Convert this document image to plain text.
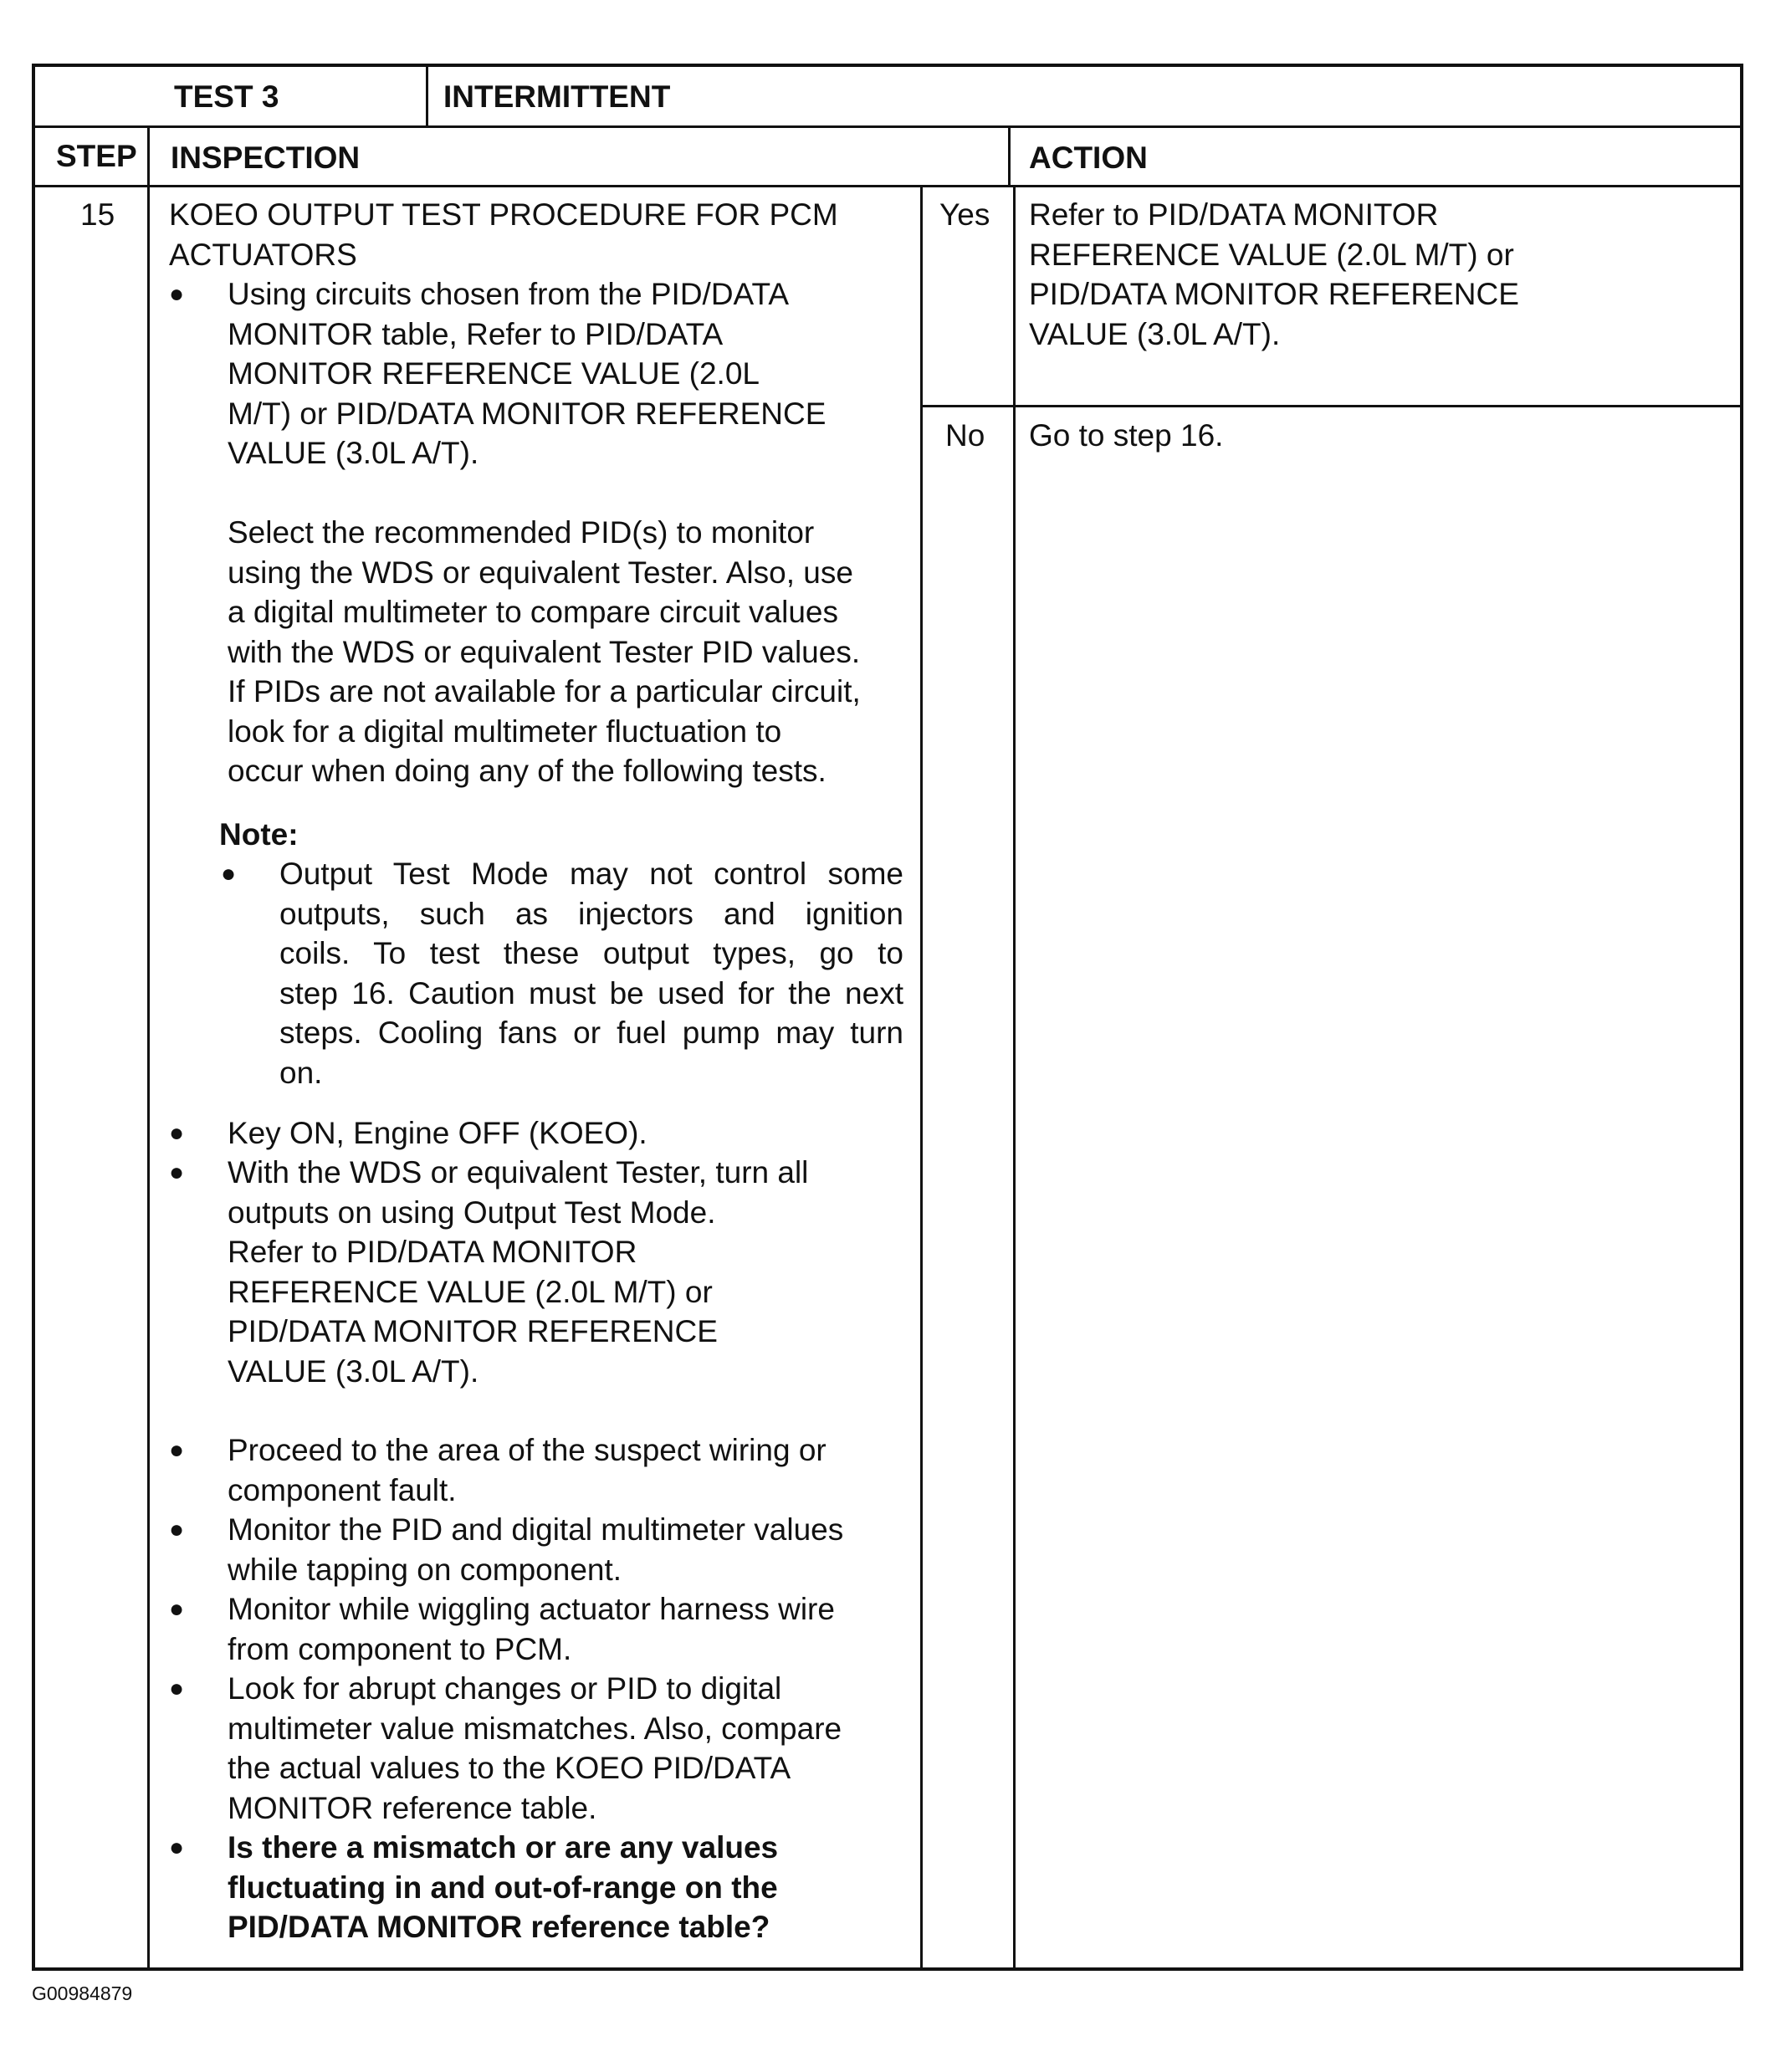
TEST 3	INTERMITTENT
STEP INSPECTION	ACTION
15 KOEO OUTPUT TEST PROCEDURE FOR PCM
ACTUATORS
● Using circuits chosen from the PID/DATA
MONITOR table, Refer to PID/DATA
MONITOR REFERENCE VALUE (2.0L
M/T) or PID/DATA MONITOR REFERENCE
VALUE (3.0L A/T).
Select the recommended PID(s) to monitor
using the WDS or equivalent Tester. Also, use
a digital multimeter to compare circuit values
with the WDS or equivalent Tester PID values.
If PIDs are not available for a particular circuit,
look for a digital multimeter fluctuation to
occur when doing any of the following tests.
Note:
● Output Test Mode may not control some
outputs, such as injectors and ignition
coils. To test these output types, go to
step 16. Caution must be used for the next
steps. Cooling fans or fuel pump may turn
on.
● Key ON, Engine OFF (KOEO).
● With the WDS or equivalent Tester, turn all
outputs on using Output Test Mode.
Refer to PID/DATA MONITOR
REFERENCE VALUE (2.0L M/T) or
PID/DATA MONITOR REFERENCE
VALUE (3.0L A/T).
● Proceed to the area of the suspect wiring or
component fault.
● Monitor the PID and digital multimeter values
while tapping on component.
● Monitor while wiggling actuator harness wire
from component to PCM.
● Look for abrupt changes or PID to digital
multimeter value mismatches. Also, compare
the actual values to the KOEO PID/DATA
MONITOR reference table.
● Is there a mismatch or are any values
fluctuating in and out-of-range on the
PID/DATA MONITOR reference table?
Yes Refer to PID/DATA MONITOR
REFERENCE VALUE (2.0L M/T) or
PID/DATA MONITOR REFERENCE
VALUE (3.0L A/T).
No Go to step 16.
G00984879
